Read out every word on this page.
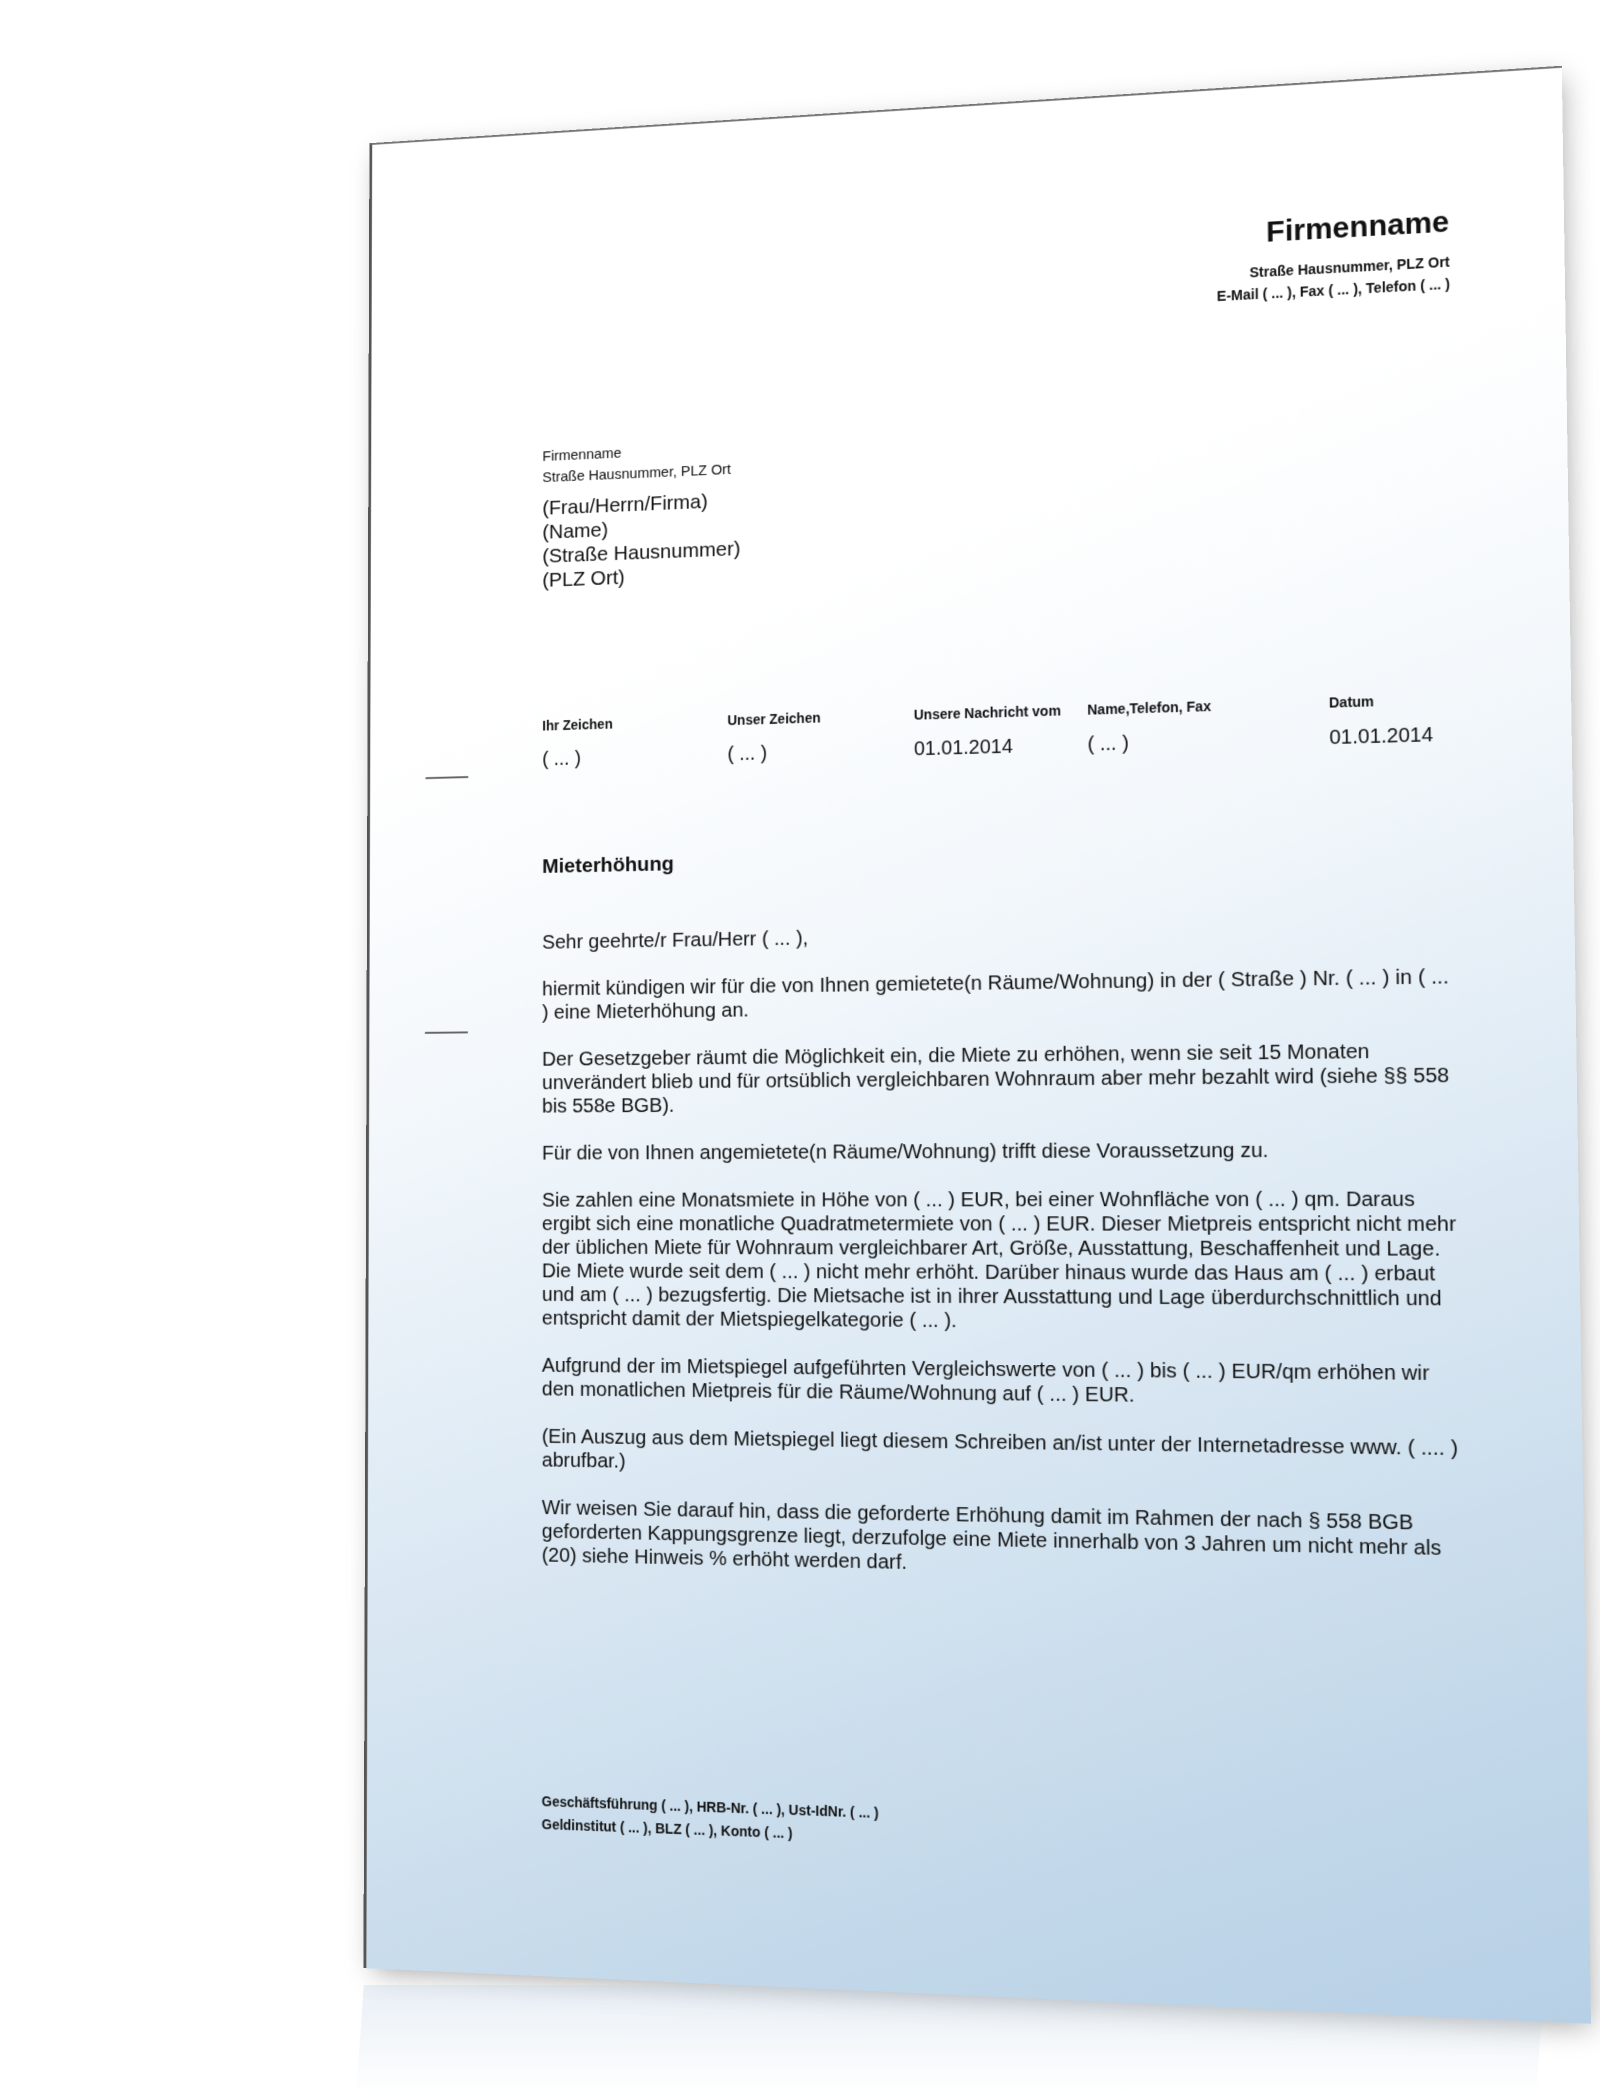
Firmenname
Straße Hausnummer, PLZ Ort
E-Mail ( ... ), Fax ( ... ), Telefon ( ... )
Firmenname
Straße Hausnummer, PLZ Ort
(Frau/Herrn/Firma)
(Name)
(Straße Hausnummer)
(PLZ Ort)
Ihr Zeichen
( ... )
Unser Zeichen
( ... )
Unsere Nachricht vom
01.01.2014
Name,Telefon, Fax
( ... )
Datum
01.01.2014
Mieterhöhung

Sehr geehrte/r Frau/Herr ( ... ),

hiermit kündigen wir für die von Ihnen gemietete(n Räume/Wohnung) in der ( Straße ) Nr. ( ... ) in ( ... ) eine Mieterhöhung an.

Der Gesetzgeber räumt die Möglichkeit ein, die Miete zu erhöhen, wenn sie seit 15 Monaten unverändert blieb und für ortsüblich vergleichbaren Wohnraum aber mehr bezahlt wird (siehe §§ 558 bis 558e BGB).

Für die von Ihnen angemietete(n Räume/Wohnung) trifft diese Voraussetzung zu.

Sie zahlen eine Monatsmiete in Höhe von ( ... ) EUR, bei einer Wohnfläche von ( ... ) qm. Daraus ergibt sich eine monatliche Quadratmetermiete von ( ... ) EUR. Dieser Mietpreis entspricht nicht mehr der üblichen Miete für Wohnraum vergleichbarer Art, Größe, Ausstattung, Beschaffenheit und Lage. Die Miete wurde seit dem ( ... ) nicht mehr erhöht. Darüber hinaus wurde das Haus am ( ... ) erbaut und am ( ... ) bezugsfertig. Die Mietsache ist in ihrer Ausstattung und Lage überdurchschnittlich und entspricht damit der Mietspiegelkategorie ( ... ).

Aufgrund der im Mietspiegel aufgeführten Vergleichswerte von ( ... ) bis ( ... ) EUR/qm erhöhen wir den monatlichen Mietpreis für die Räume/Wohnung auf ( ... ) EUR.

(Ein Auszug aus dem Mietspiegel liegt diesem Schreiben an/ist unter der Internetadresse www. ( .... ) abrufbar.)

Wir weisen Sie darauf hin, dass die geforderte Erhöhung damit im Rahmen der nach § 558 BGB geforderten Kappungsgrenze liegt, derzufolge eine Miete innerhalb von 3 Jahren um nicht mehr als (20) siehe Hinweis % erhöht werden darf.

Geschäftsführung ( ... ), HRB-Nr. ( ... ), Ust-IdNr. ( ... )
Geldinstitut ( ... ), BLZ ( ... ), Konto ( ... )
